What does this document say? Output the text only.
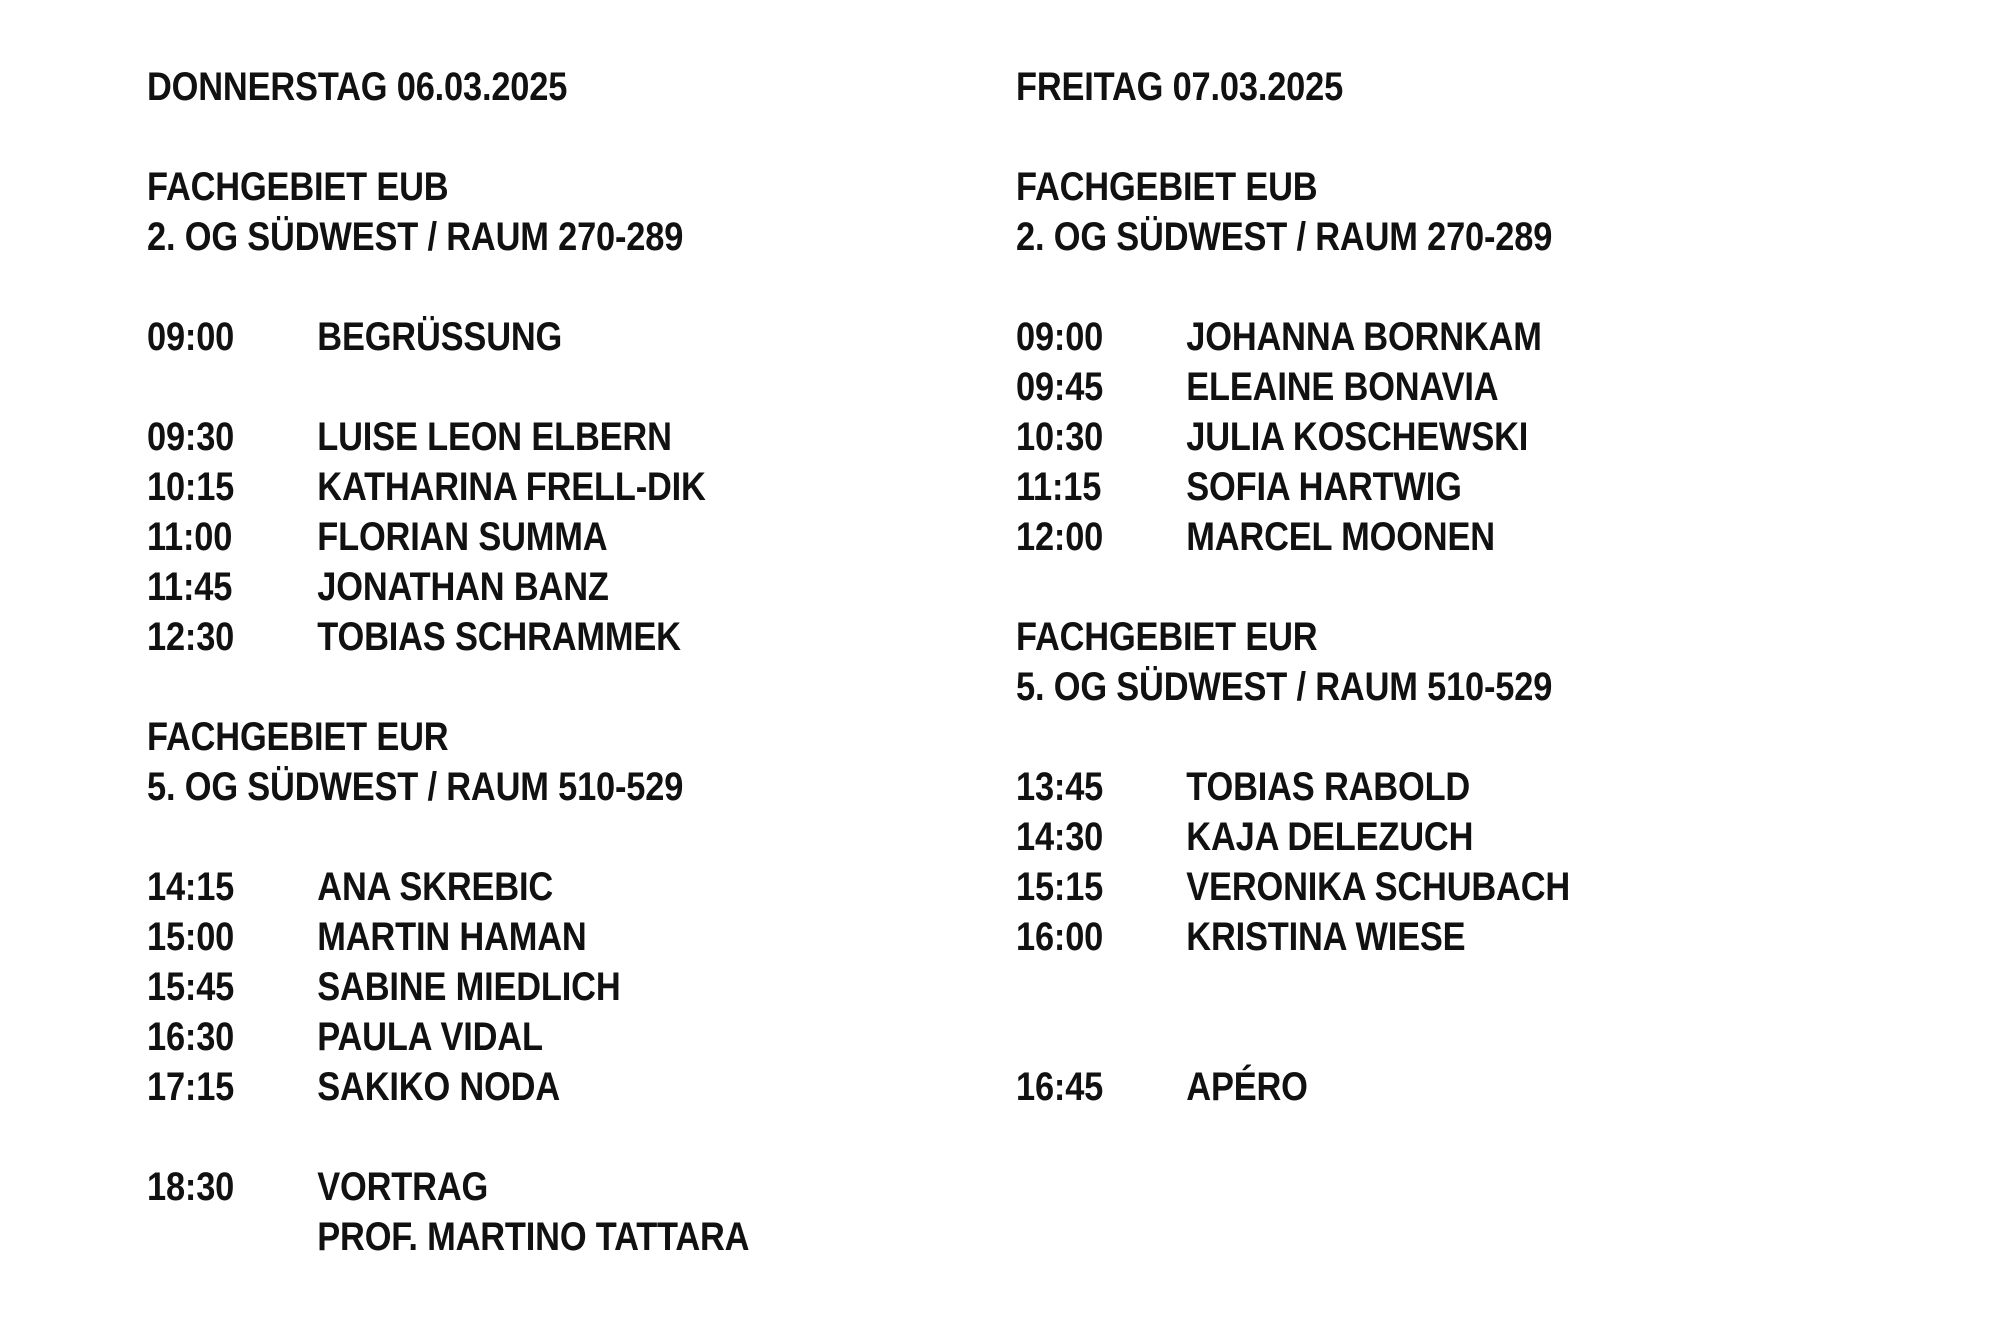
DONNERSTAG 06.03.2025
FACHGEBIET EUB
2. OG SÜDWEST / RAUM 270-289
09:00 BEGRÜSSUNG
09:30 LUISE LEON ELBERN
10:15 KATHARINA FRELL-DIK
11:00 FLORIAN SUMMA
11:45 JONATHAN BANZ
12:30 TOBIAS SCHRAMMEK
FACHGEBIET EUR
5. OG SÜDWEST / RAUM 510-529
14:15 ANA SKREBIC
15:00 MARTIN HAMAN
15:45 SABINE MIEDLICH
16:30 PAULA VIDAL
17:15 SAKIKO NODA
18:30 VORTRAG
PROF. MARTINO TATTARA
FREITAG 07.03.2025
FACHGEBIET EUB
2. OG SÜDWEST / RAUM 270-289
09:00 JOHANNA BORNKAM
09:45 ELEAINE BONAVIA
10:30 JULIA KOSCHEWSKI
11:15 SOFIA HARTWIG
12:00 MARCEL MOONEN
FACHGEBIET EUR
5. OG SÜDWEST / RAUM 510-529
13:45 TOBIAS RABOLD
14:30 KAJA DELEZUCH
15:15 VERONIKA SCHUBACH
16:00 KRISTINA WIESE
16:45 APÉRO
